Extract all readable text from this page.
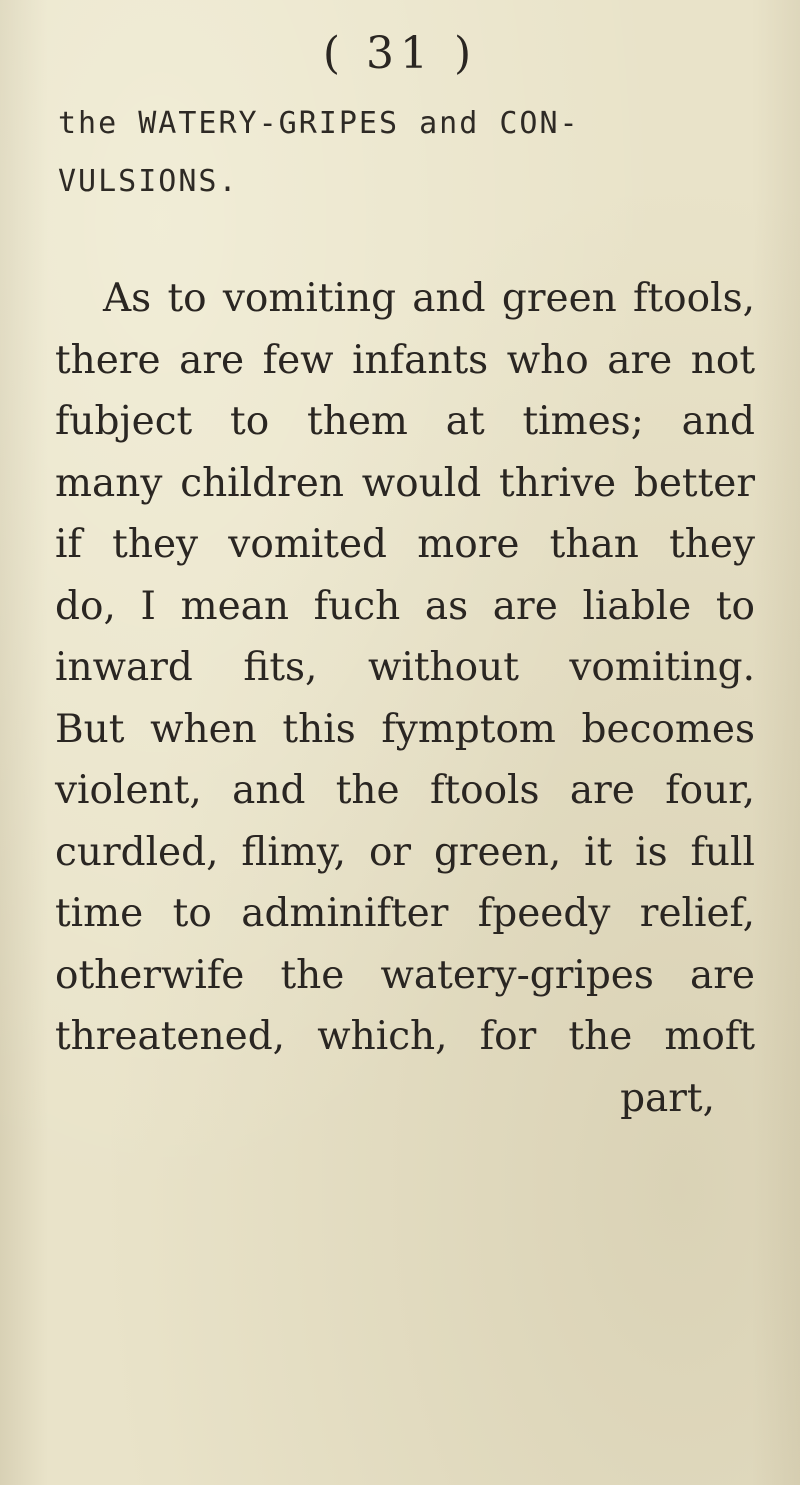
( 31 )
the WATERY-GRIPES and CON-
VULSIONS.
As to vomiting and green ftools,
there are few infants who are not
fubject to them at times; and
many children would thrive better
if they vomited more than they
do, I mean fuch as are liable to
inward fits, without vomiting.
But when this fymptom becomes
violent, and the ftools are four,
curdled, flimy, or green, it is full
time to adminifter fpeedy relief,
otherwife the watery-gripes are
threatened, which, for the moft
part,
